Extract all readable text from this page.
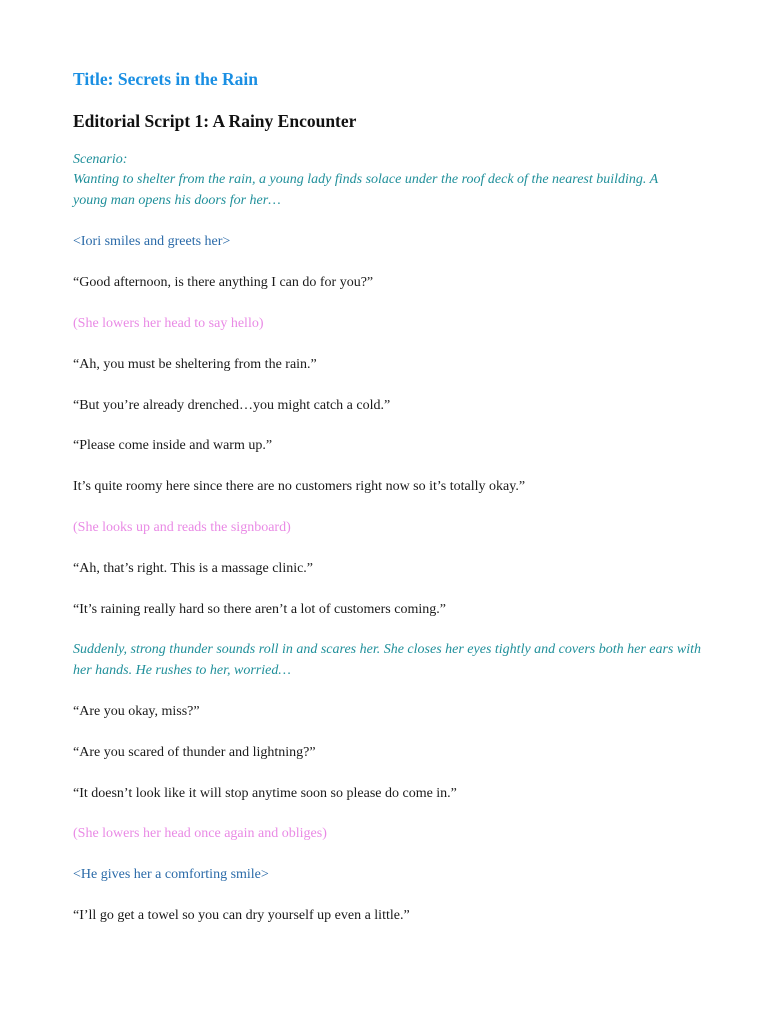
Title: Secrets in the Rain
Editorial Script 1: A Rainy Encounter

Scenario:

Wanting to shelter from the rain, a young lady finds solace under the roof deck of the nearest building. A

young man opens his doors for her…

<Iori smiles and greets her>

“Good afternoon, is there anything I can do for you?”

(She lowers her head to say hello)

“Ah, you must be sheltering from the rain.”

“But you’re already drenched…you might catch a cold.”

“Please come inside and warm up.”

It’s quite roomy here since there are no customers right now so it’s totally okay.”

(She looks up and reads the signboard)

“Ah, that’s right. This is a massage clinic.”

“It’s raining really hard so there aren’t a lot of customers coming.”

Suddenly, strong thunder sounds roll in and scares her. She closes her eyes tightly and covers both her ears with

her hands. He rushes to her, worried…

“Are you okay, miss?”

“Are you scared of thunder and lightning?”

“It doesn’t look like it will stop anytime soon so please do come in.”

(She lowers her head once again and obliges)

<He gives her a comforting smile>

“I’ll go get a towel so you can dry yourself up even a little.”
